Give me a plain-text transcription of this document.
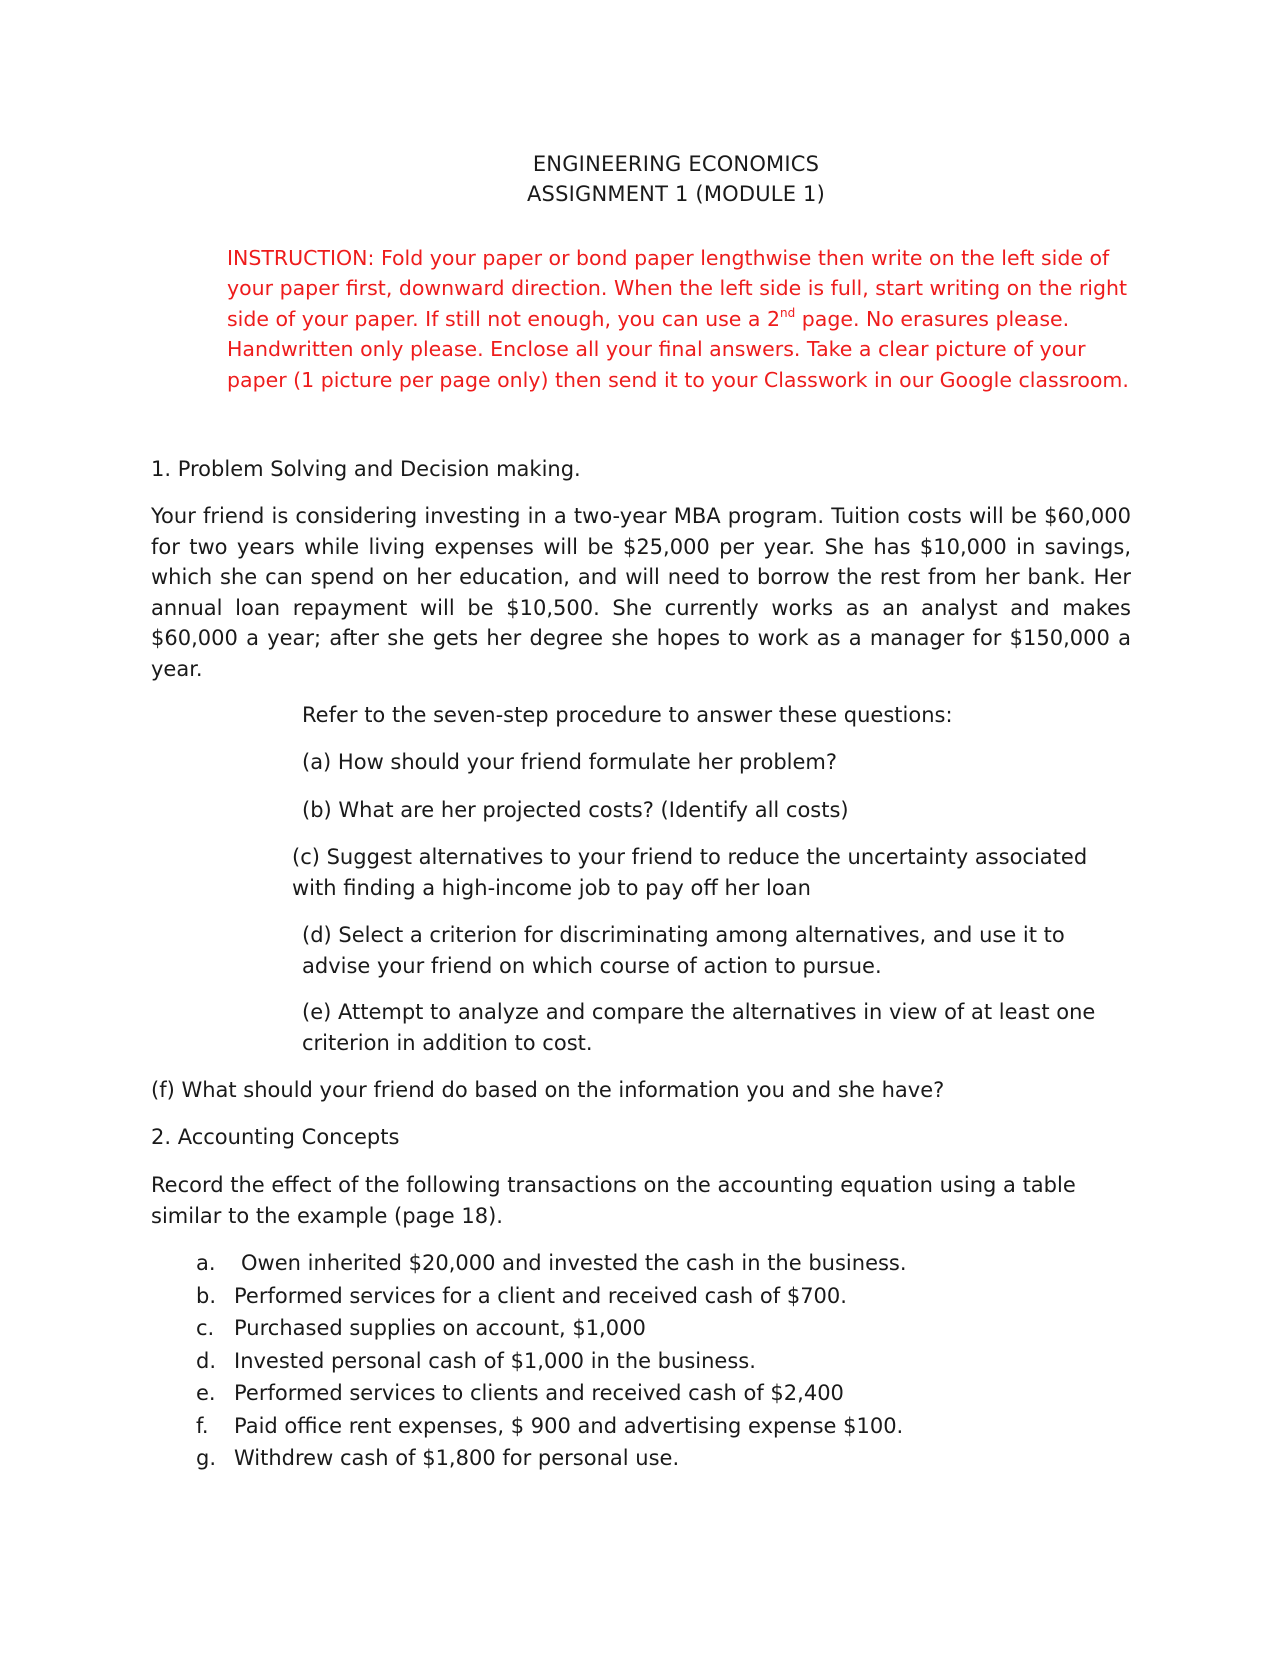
ENGINEERING ECONOMICS
ASSIGNMENT 1 (MODULE 1)
INSTRUCTION: Fold your paper or bond paper lengthwise then write on the left side of your paper first, downward direction. When the left side is full, start writing on the right side of your paper. If still not enough, you can use a 2nd page. No erasures please. Handwritten only please. Enclose all your final answers. Take a clear picture of your paper (1 picture per page only) then send it to your Classwork in our Google classroom.
1. Problem Solving and Decision making.
Your friend is considering investing in a two-year MBA program. Tuition costs will be $60,000 for two years while living expenses will be $25,000 per year. She has $10,000 in savings, which she can spend on her education, and will need to borrow the rest from her bank. Her annual loan repayment will be $10,500. She currently works as an analyst and makes $60,000 a year; after she gets her degree she hopes to work as a manager for $150,000 a year.
Refer to the seven-step procedure to answer these questions:
(a) How should your friend formulate her problem?
(b) What are her projected costs? (Identify all costs)
(c) Suggest alternatives to your friend to reduce the uncertainty associated with finding a high-income job to pay off her loan
(d) Select a criterion for discriminating among alternatives, and use it to advise your friend on which course of action to pursue.
(e) Attempt to analyze and compare the alternatives in view of at least one criterion in addition to cost.
(f) What should your friend do based on the information you and she have?
2. Accounting Concepts
Record the effect of the following transactions on the accounting equation using a table similar to the example (page 18).
a.	Owen inherited $20,000 and invested the cash in the business.
b. Performed services for a client and received cash of $700.
c. Purchased supplies on account, $1,000
d. Invested personal cash of $1,000 in the business.
e. Performed services to clients and received cash of $2,400
f.	Paid office rent expenses, $ 900 and advertising expense $100.
g. Withdrew cash of $1,800 for personal use.
